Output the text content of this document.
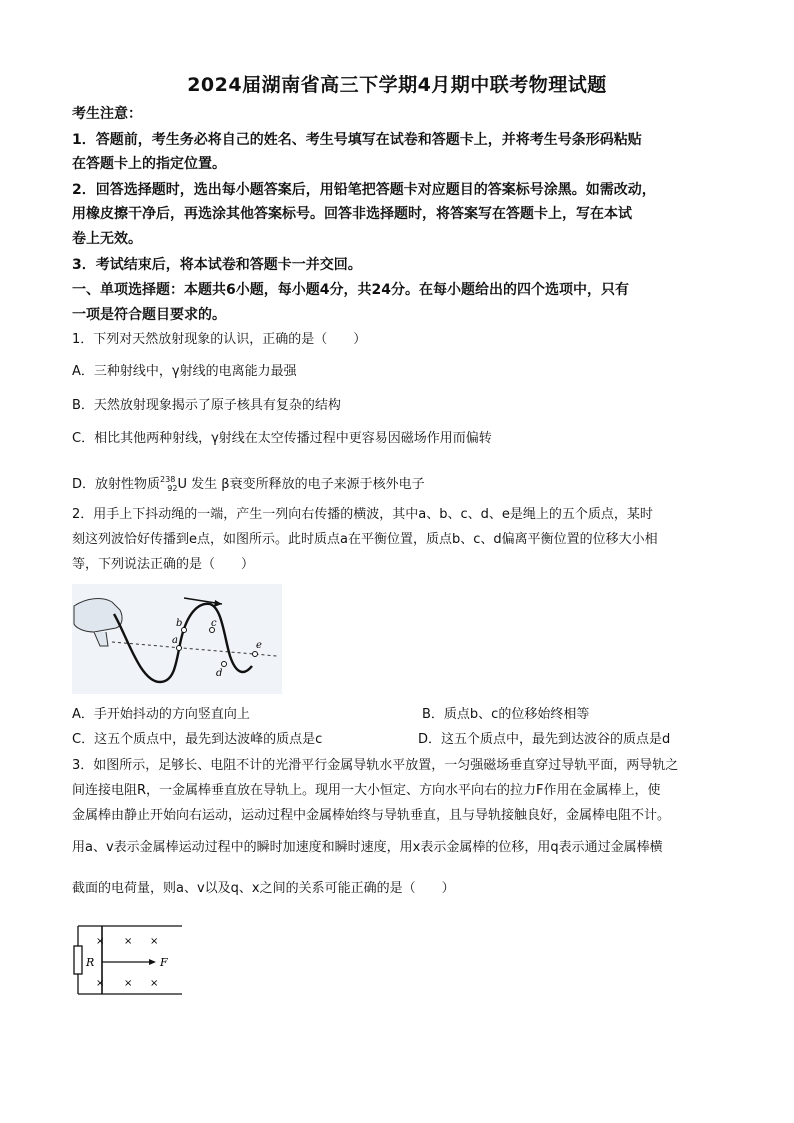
2024届湖南省高三下学期4月期中联考物理试题
考生注意：
1．答题前，考生务必将自己的姓名、考生号填写在试卷和答题卡上，并将考生号条形码粘贴
在答题卡上的指定位置。
2．回答选择题时，选出每小题答案后，用铅笔把答题卡对应题目的答案标号涂黑。如需改动，
用橡皮擦干净后，再选涂其他答案标号。回答非选择题时，将答案写在答题卡上，写在本试
卷上无效。
3．考试结束后，将本试卷和答题卡一并交回。
一、单项选择题：本题共6小题，每小题4分，共24分。在每小题给出的四个选项中，只有
一项是符合题目要求的。
1．下列对天然放射现象的认识，正确的是（　　）
A．三种射线中，γ射线的电离能力最强
B．天然放射现象揭示了原子核具有复杂的结构
C．相比其他两种射线，γ射线在太空传播过程中更容易因磁场作用而偏转
D．放射性物质$^{238}_{92}$U 发生 β衰变所释放的电子来源于核外电子
2．用手上下抖动绳的一端，产生一列向右传播的横波，其中a、b、c、d、e是绳上的五个质点，某时
刻这列波恰好传播到e点，如图所示。此时质点a在平衡位置，质点b、c、d偏离平衡位置的位移大小相
等，下列说法正确的是（　　）
a
b	c
d
e
A．手开始抖动的方向竖直向上	B．质点b、c的位移始终相等
C．这五个质点中，最先到达波峰的质点是c	D．这五个质点中，最先到达波谷的质点是d
3．如图所示，足够长、电阻不计的光滑平行金属导轨水平放置，一匀强磁场垂直穿过导轨平面，两导轨之
间连接电阻R，一金属棒垂直放在导轨上。现用一大小恒定、方向水平向右的拉力F作用在金属棒上，使
金属棒由静止开始向右运动，运动过程中金属棒始终与导轨垂直，且与导轨接触良好，金属棒电阻不计。
用a、v表示金属棒运动过程中的瞬时加速度和瞬时速度，用x表示金属棒的位移，用q表示通过金属棒横
截面的电荷量，则a、v以及q、x之间的关系可能正确的是（　　）
R	F
× × ×
× × ×
